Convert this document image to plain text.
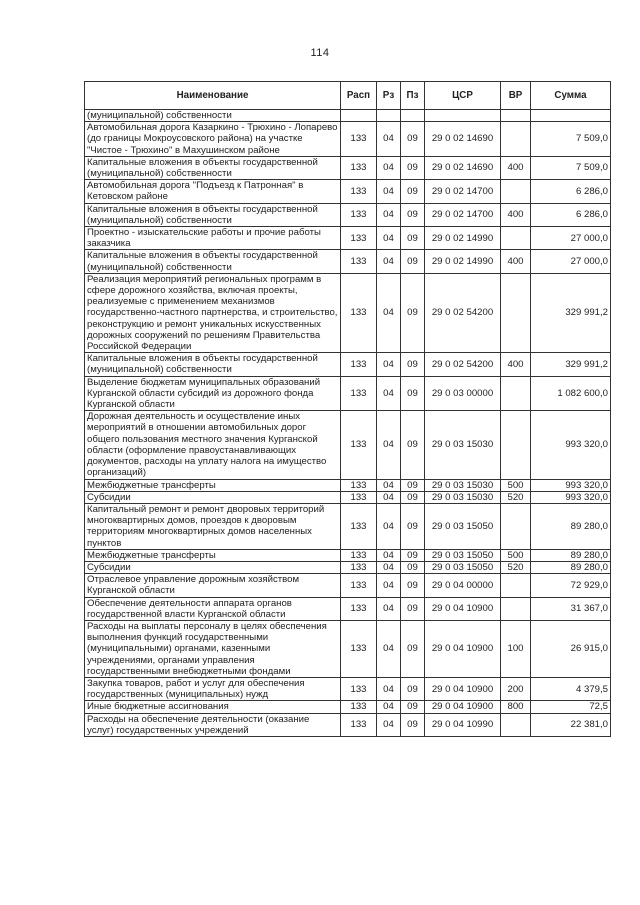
114
Наименование	Расп	Рз	Пз	ЦСР	ВР	Сумма
(муниципальной) собственности						
Автомобильная дорога Казаркино - Трюхино - Лопарево (до границы Мокроусовского района) на участке "Чистое - Трюхино" в Махушинском районе	133	04	09	29 0 02 14690		7 509,0
Капитальные вложения в объекты государственной (муниципальной) собственности	133	04	09	29 0 02 14690	400	7 509,0
Автомобильная дорога "Подъезд к Патронная" в Кетовском районе	133	04	09	29 0 02 14700		6 286,0
Капитальные вложения в объекты государственной (муниципальной) собственности	133	04	09	29 0 02 14700	400	6 286,0
Проектно - изыскательские работы и прочие работы заказчика	133	04	09	29 0 02 14990		27 000,0
Капитальные вложения в объекты государственной (муниципальной) собственности	133	04	09	29 0 02 14990	400	27 000,0
Реализация мероприятий региональных программ в сфере дорожного хозяйства, включая проекты, реализуемые с применением механизмов государственно-частного партнерства, и строительство, реконструкцию и ремонт уникальных искусственных дорожных сооружений по решениям Правительства Российской Федерации	133	04	09	29 0 02 54200		329 991,2
Капитальные вложения в объекты государственной (муниципальной) собственности	133	04	09	29 0 02 54200	400	329 991,2
Выделение бюджетам муниципальных образований Курганской области субсидий из дорожного фонда Курганской области	133	04	09	29 0 03 00000		1 082 600,0
Дорожная деятельность и осуществление иных мероприятий в отношении автомобильных дорог общего пользования местного значения Курганской области (оформление правоустанавливающих документов, расходы на уплату налога на имущество организаций)	133	04	09	29 0 03 15030		993 320,0
Межбюджетные трансферты	133	04	09	29 0 03 15030	500	993 320,0
Субсидии	133	04	09	29 0 03 15030	520	993 320,0
Капитальный ремонт и ремонт дворовых территорий многоквартирных домов, проездов к дворовым территориям многоквартирных домов населенных пунктов	133	04	09	29 0 03 15050		89 280,0
Межбюджетные трансферты	133	04	09	29 0 03 15050	500	89 280,0
Субсидии	133	04	09	29 0 03 15050	520	89 280,0
Отраслевое управление дорожным хозяйством Курганской области	133	04	09	29 0 04 00000		72 929,0
Обеспечение деятельности аппарата органов государственной власти Курганской области	133	04	09	29 0 04 10900		31 367,0
Расходы на выплаты персоналу в целях обеспечения выполнения функций государственными (муниципальными) органами, казенными учреждениями, органами управления государственными внебюджетными фондами	133	04	09	29 0 04 10900	100	26 915,0
Закупка товаров, работ и услуг для обеспечения государственных (муниципальных) нужд	133	04	09	29 0 04 10900	200	4 379,5
Иные бюджетные ассигнования	133	04	09	29 0 04 10900	800	72,5
Расходы на обеспечение деятельности (оказание услуг) государственных учреждений	133	04	09	29 0 04 10990		22 381,0
